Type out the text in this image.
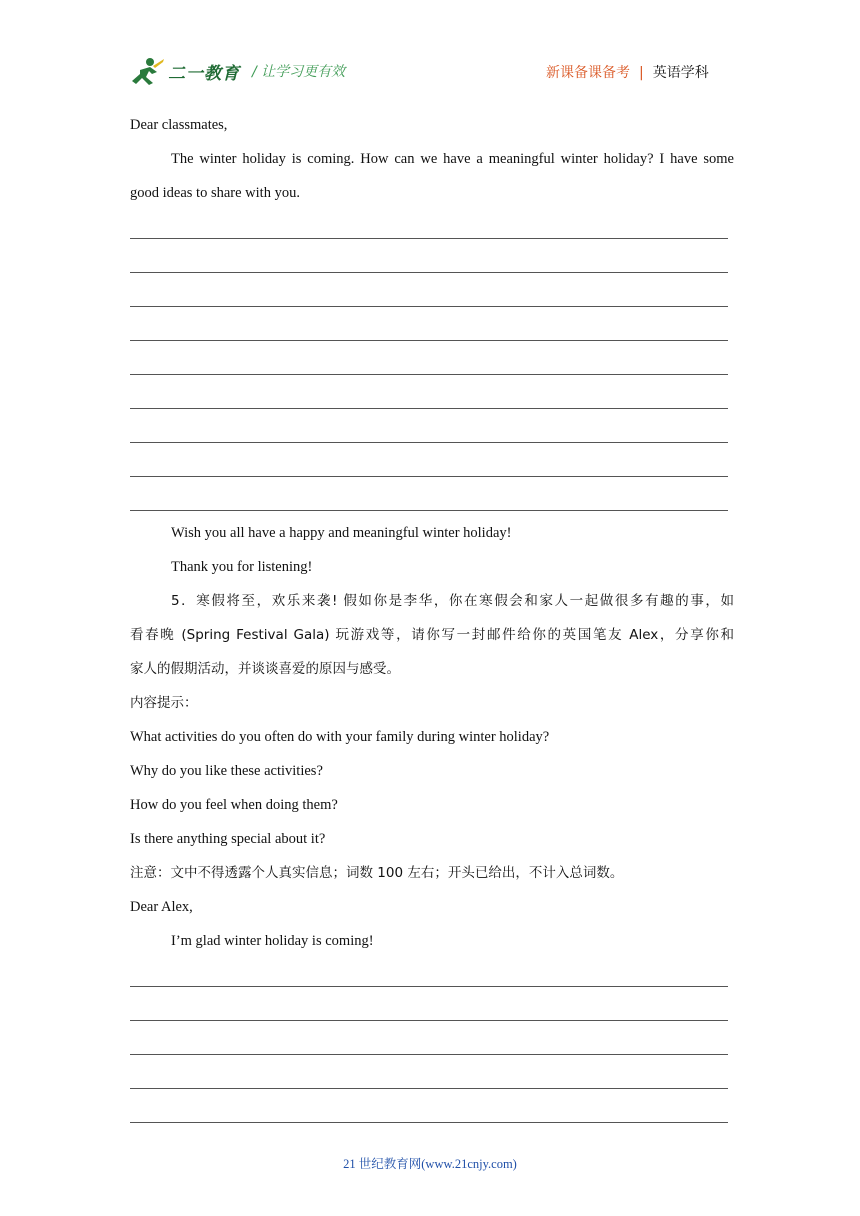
二一教育 / 让学习更有效	新课备课备考 | 英语学科
Dear classmates,
The winter holiday is coming. How can we have a meaningful winter holiday? I have some
good ideas to share with you.
Wish you all have a happy and meaningful winter holiday!
Thank you for listening!
5．寒假将至，欢乐来袭! 假如你是李华，你在寒假会和家人一起做很多有趣的事，如
看春晚 (Spring Festival Gala) 玩游戏等，请你写一封邮件给你的英国笔友 Alex，分享你和
家人的假期活动，并谈谈喜爱的原因与感受。
内容提示：
What activities do you often do with your family during winter holiday?
Why do you like these activities?
How do you feel when doing them?
Is there anything special about it?
注意：文中不得透露个人真实信息；词数 100 左右；开头已给出，不计入总词数。
Dear Alex,
I’m glad winter holiday is coming!
21 世纪教育网(www.21cnjy.com)
